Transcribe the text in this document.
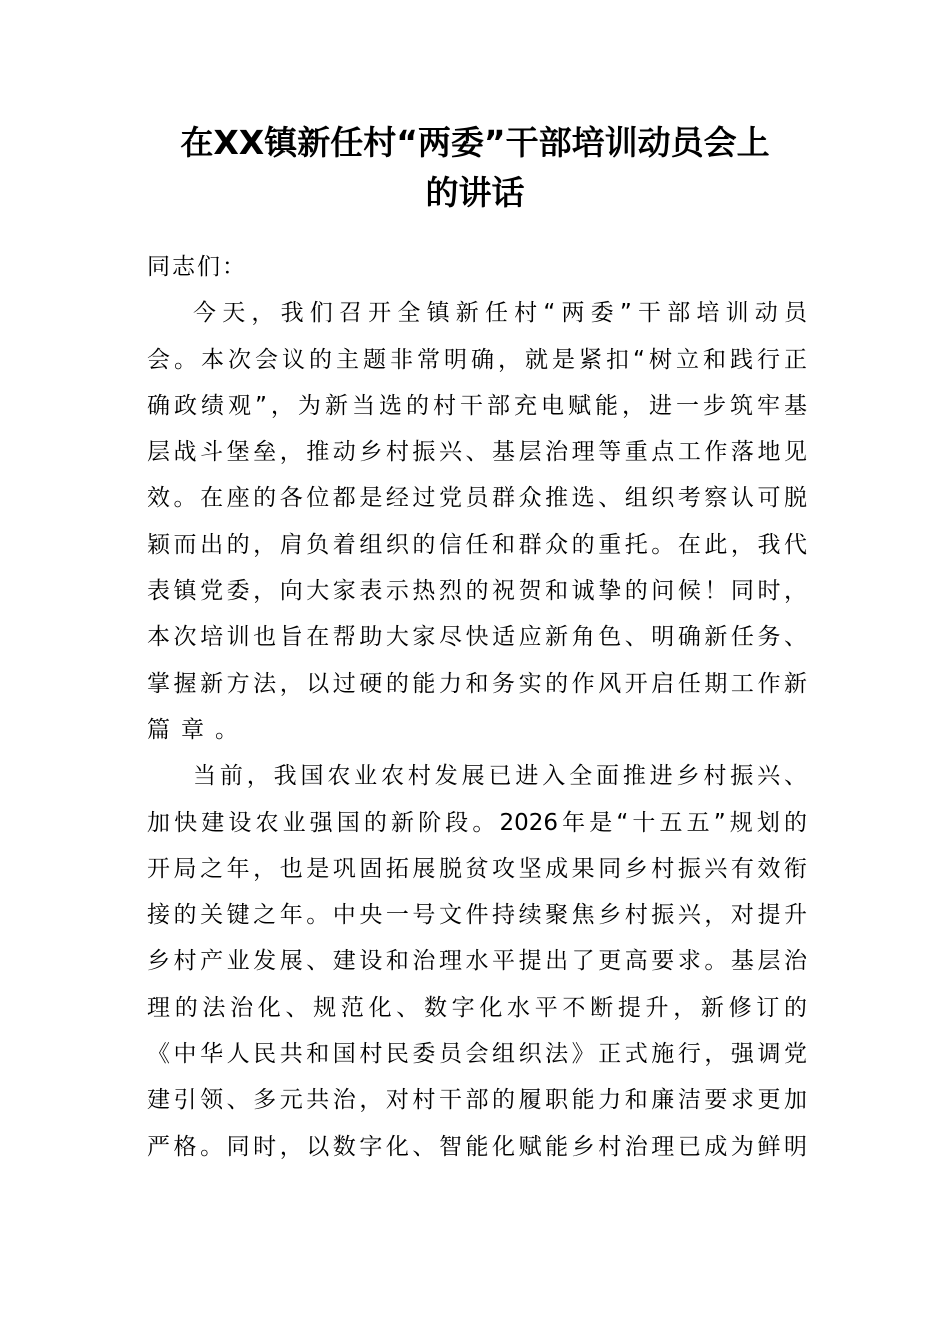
在XX镇新任村“两委”干部培训动员会上
的讲话
同志们：
今天，我们召开全镇新任村“两委”干部培训动员
会。本次会议的主题非常明确，就是紧扣“树立和践行正
确政绩观”，为新当选的村干部充电赋能，进一步筑牢基
层战斗堡垒，推动乡村振兴、基层治理等重点工作落地见
效。在座的各位都是经过党员群众推选、组织考察认可脱
颖而出的，肩负着组织的信任和群众的重托。在此，我代
表镇党委，向大家表示热烈的祝贺和诚挚的问候！同时，
本次培训也旨在帮助大家尽快适应新角色、明确新任务、
掌握新方法，以过硬的能力和务实的作风开启任期工作新
篇章。
当前，我国农业农村发展已进入全面推进乡村振兴、
加快建设农业强国的新阶段。2026年是“十五五”规划的
开局之年，也是巩固拓展脱贫攻坚成果同乡村振兴有效衔
接的关键之年。中央一号文件持续聚焦乡村振兴，对提升
乡村产业发展、建设和治理水平提出了更高要求。基层治
理的法治化、规范化、数字化水平不断提升，新修订的
《中华人民共和国村民委员会组织法》正式施行，强调党
建引领、多元共治，对村干部的履职能力和廉洁要求更加
严格。同时，以数字化、智能化赋能乡村治理已成为鲜明
